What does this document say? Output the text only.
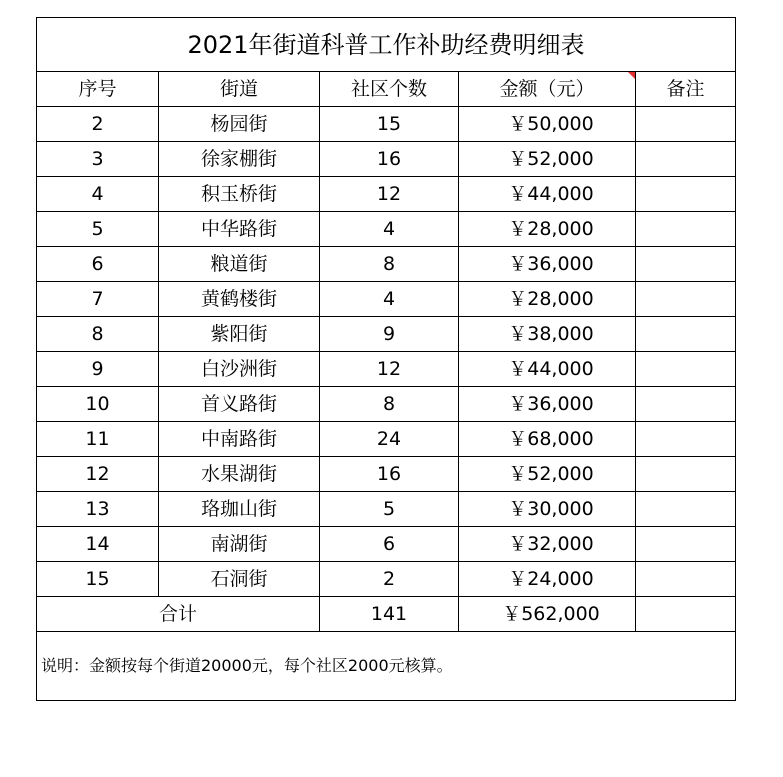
2021年街道科普工作补助经费明细表				
序号	街道	社区个数	金额（元）	备注
2	杨园街	15	￥50,000	
3	徐家棚街	16	￥52,000	
4	积玉桥街	12	￥44,000	
5	中华路街	4	￥28,000	
6	粮道街	8	￥36,000	
7	黄鹤楼街	4	￥28,000	
8	紫阳街	9	￥38,000	
9	白沙洲街	12	￥44,000	
10	首义路街	8	￥36,000	
11	中南路街	24	￥68,000	
12	水果湖街	16	￥52,000	
13	珞珈山街	5	￥30,000	
14	南湖街	6	￥32,000	
15	石洞街	2	￥24,000	
合计		141	￥562,000	
说明：金额按每个街道20000元，每个社区2000元核算。				
